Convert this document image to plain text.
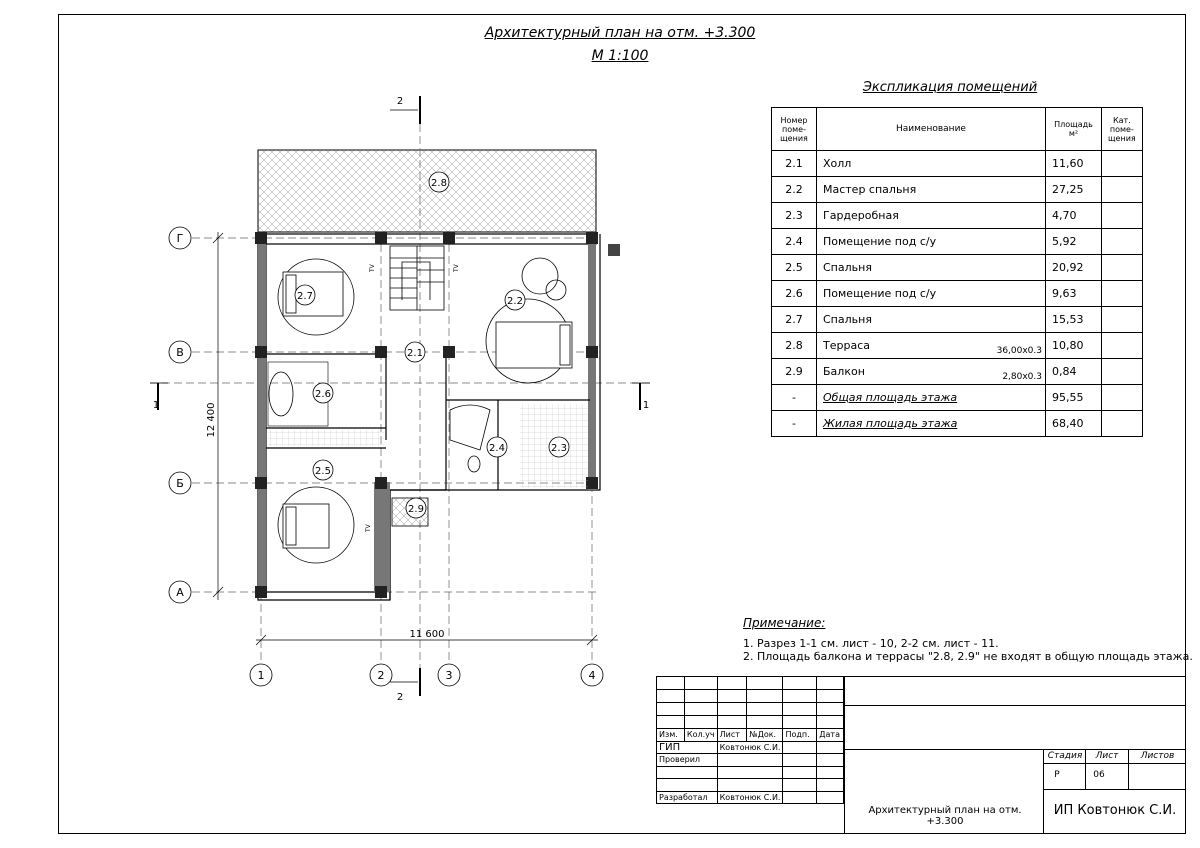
Архитектурный план на отм. +3.300
М 1:100
2.8
2.7	2.2
2.1
2.6
2.4	2.3
2.5
2.9
TV	TV
TV
Г
В
Б
А
1	2	3	4
12 400
11 600
1	1
2
2
Экспликация помещений
Номер поме- щения	Наименование	Площадь м²	Кат. поме- щения
2.1	Холл	11,60	
2.2	Мастер спальня	27,25	
2.3	Гардеробная	4,70	
2.4	Помещение под с/у	5,92	
2.5	Спальня	20,92	
2.6	Помещение под с/у	9,63	
2.7	Спальня	15,53	
2.8	Терраса 36,00x0.3	10,80	
2.9	Балкон 2,80x0.3	0,84	
-	Общая площадь этажа	95,55	
-	Жилая площадь этажа	68,40	
Примечание:
1. Разрез 1-1 см. лист - 10, 2-2 см. лист - 11.
2. Площадь балкона и террасы "2.8, 2.9" не входят в общую площадь этажа.

Изм.	Кол.уч	Лист	№Док.	Подп.	Дата
ГИП		Ковтонюк С.И.			
Проверил					

Разработал		Ковтонюк С.И.			
Стадия	Лист	Листов
Р	06
Архитектурный план на отм. +3.300
ИП Ковтонюк С.И.
